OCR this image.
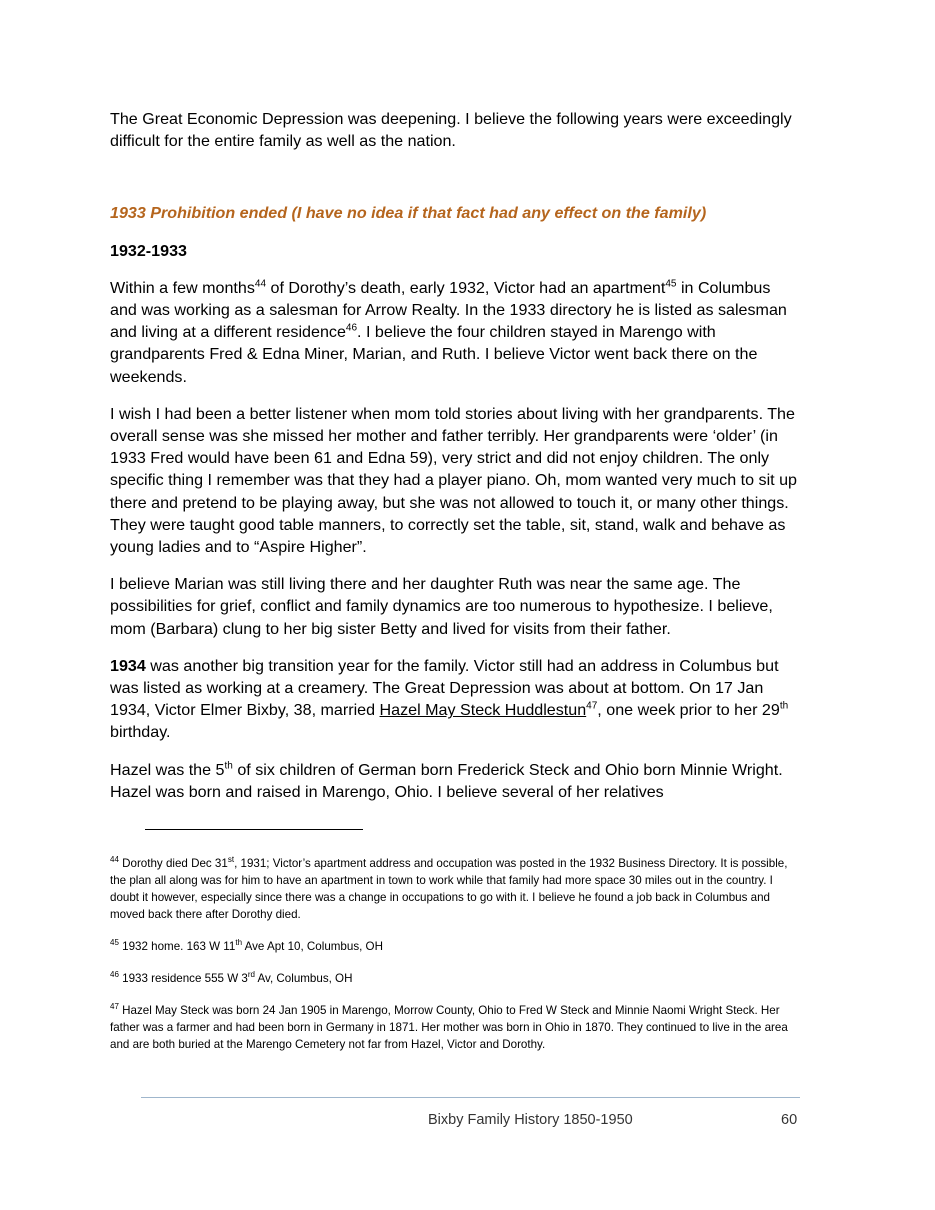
The Great Economic Depression was deepening. I believe the following years were exceedingly difficult for the entire family as well as the nation.

1933 Prohibition ended (I have no idea if that fact had any effect on the family)

1932-1933

Within a few months$^{44}$ of Dorothy’s death, early 1932, Victor had an apartment$^{45}$ in Columbus and was working as a salesman for Arrow Realty. In the 1933 directory he is listed as salesman and living at a different residence$^{46}$. I believe the four children stayed in Marengo with grandparents Fred & Edna Miner, Marian, and Ruth. I believe Victor went back there on the weekends.

I wish I had been a better listener when mom told stories about living with her grandparents. The overall sense was she missed her mother and father terribly. Her grandparents were ‘older’ (in 1933 Fred would have been 61 and Edna 59), very strict and did not enjoy children. The only specific thing I remember was that they had a player piano. Oh, mom wanted very much to sit up there and pretend to be playing away, but she was not allowed to touch it, or many other things. They were taught good table manners, to correctly set the table, sit, stand, walk and behave as young ladies and to “Aspire Higher”.

I believe Marian was still living there and her daughter Ruth was near the same age. The possibilities for grief, conflict and family dynamics are too numerous to hypothesize. I believe, mom (Barbara) clung to her big sister Betty and lived for visits from their father.

1934 was another big transition year for the family. Victor still had an address in Columbus but was listed as working at a creamery. The Great Depression was about at bottom. On 17 Jan 1934, Victor Elmer Bixby, 38, married Hazel May Steck Huddlestun$^{47}$, one week prior to her 29th birthday.

Hazel was the 5th of six children of German born Frederick Steck and Ohio born Minnie Wright. Hazel was born and raised in Marengo, Ohio. I believe several of her relatives

$^{44}$ Dorothy died Dec 31st, 1931; Victor’s apartment address and occupation was posted in the 1932 Business Directory. It is possible, the plan all along was for him to have an apartment in town to work while that family had more space 30 miles out in the country. I doubt it however, especially since there was a change in occupations to go with it. I believe he found a job back in Columbus and moved back there after Dorothy died.

$^{45}$ 1932 home. 163 W 11th Ave Apt 10, Columbus, OH

$^{46}$ 1933 residence 555 W 3rd Av, Columbus, OH

$^{47}$ Hazel May Steck was born 24 Jan 1905 in Marengo, Morrow County, Ohio to Fred W Steck and Minnie Naomi Wright Steck. Her father was a farmer and had been born in Germany in 1871. Her mother was born in Ohio in 1870. They continued to live in the area and are both buried at the Marengo Cemetery not far from Hazel, Victor and Dorothy.

Bixby Family History 1850-1950	60
